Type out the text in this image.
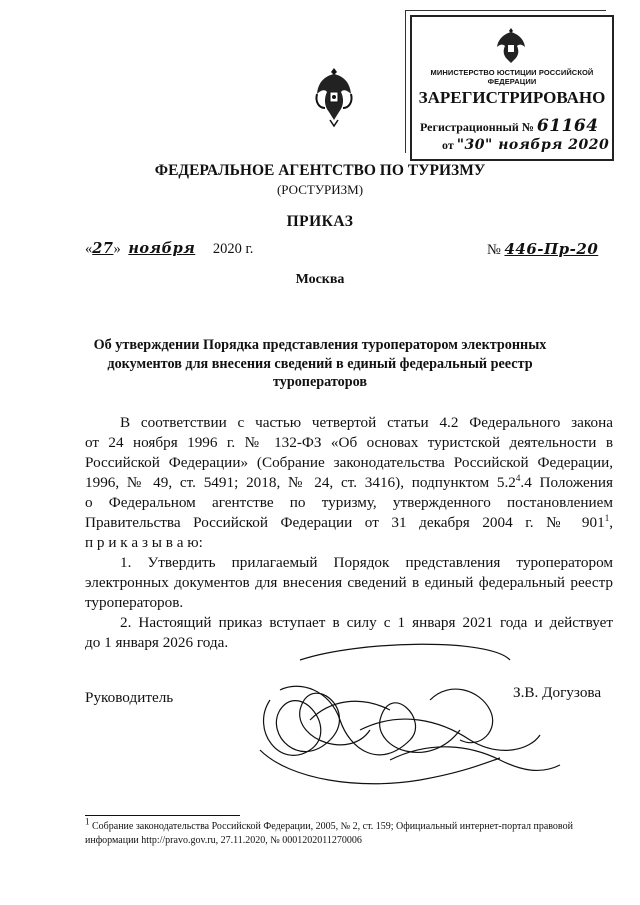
МИНИСТЕРСТВО ЮСТИЦИИ РОССИЙСКОЙ ФЕДЕРАЦИИ
ЗАРЕГИСТРИРОВАНО
Регистрационный № 61164
от "30" ноября 2020
ФЕДЕРАЛЬНОЕ АГЕНТСТВО ПО ТУРИЗМУ
(РОСТУРИЗМ)
ПРИКАЗ
«27» ноября 2020 г.	№ 446-Пр-20
Москва
Об утверждении Порядка представления туроператором электронных документов для внесения сведений в единый федеральный реестр туроператоров
В соответствии с частью четвертой статьи 4.2 Федерального закона
от 24 ноября 1996 г. № 132-ФЗ «Об основах туристской деятельности в
Российской Федерации» (Собрание законодательства Российской Федерации,
1996, № 49, ст. 5491; 2018, № 24, ст. 3416), подпунктом $5.2^4.4$ Положения
о Федеральном агентстве по туризму, утвержденного постановлением
Правительства Российской Федерации от 31 декабря 2004 г. № $901^1$,
п р и к а з ы в а ю:
1. Утвердить прилагаемый Порядок представления туроператором
электронных документов для внесения сведений в единый федеральный реестр
туроператоров.
2. Настоящий приказ вступает в силу с 1 января 2021 года и действует
до 1 января 2026 года.
Руководитель	З.В. Догузова
$^1$ Собрание законодательства Российской Федерации, 2005, № 2, ст. 159; Официальный интернет-портал правовой информации http://pravo.gov.ru, 27.11.2020, № 0001202011270006
